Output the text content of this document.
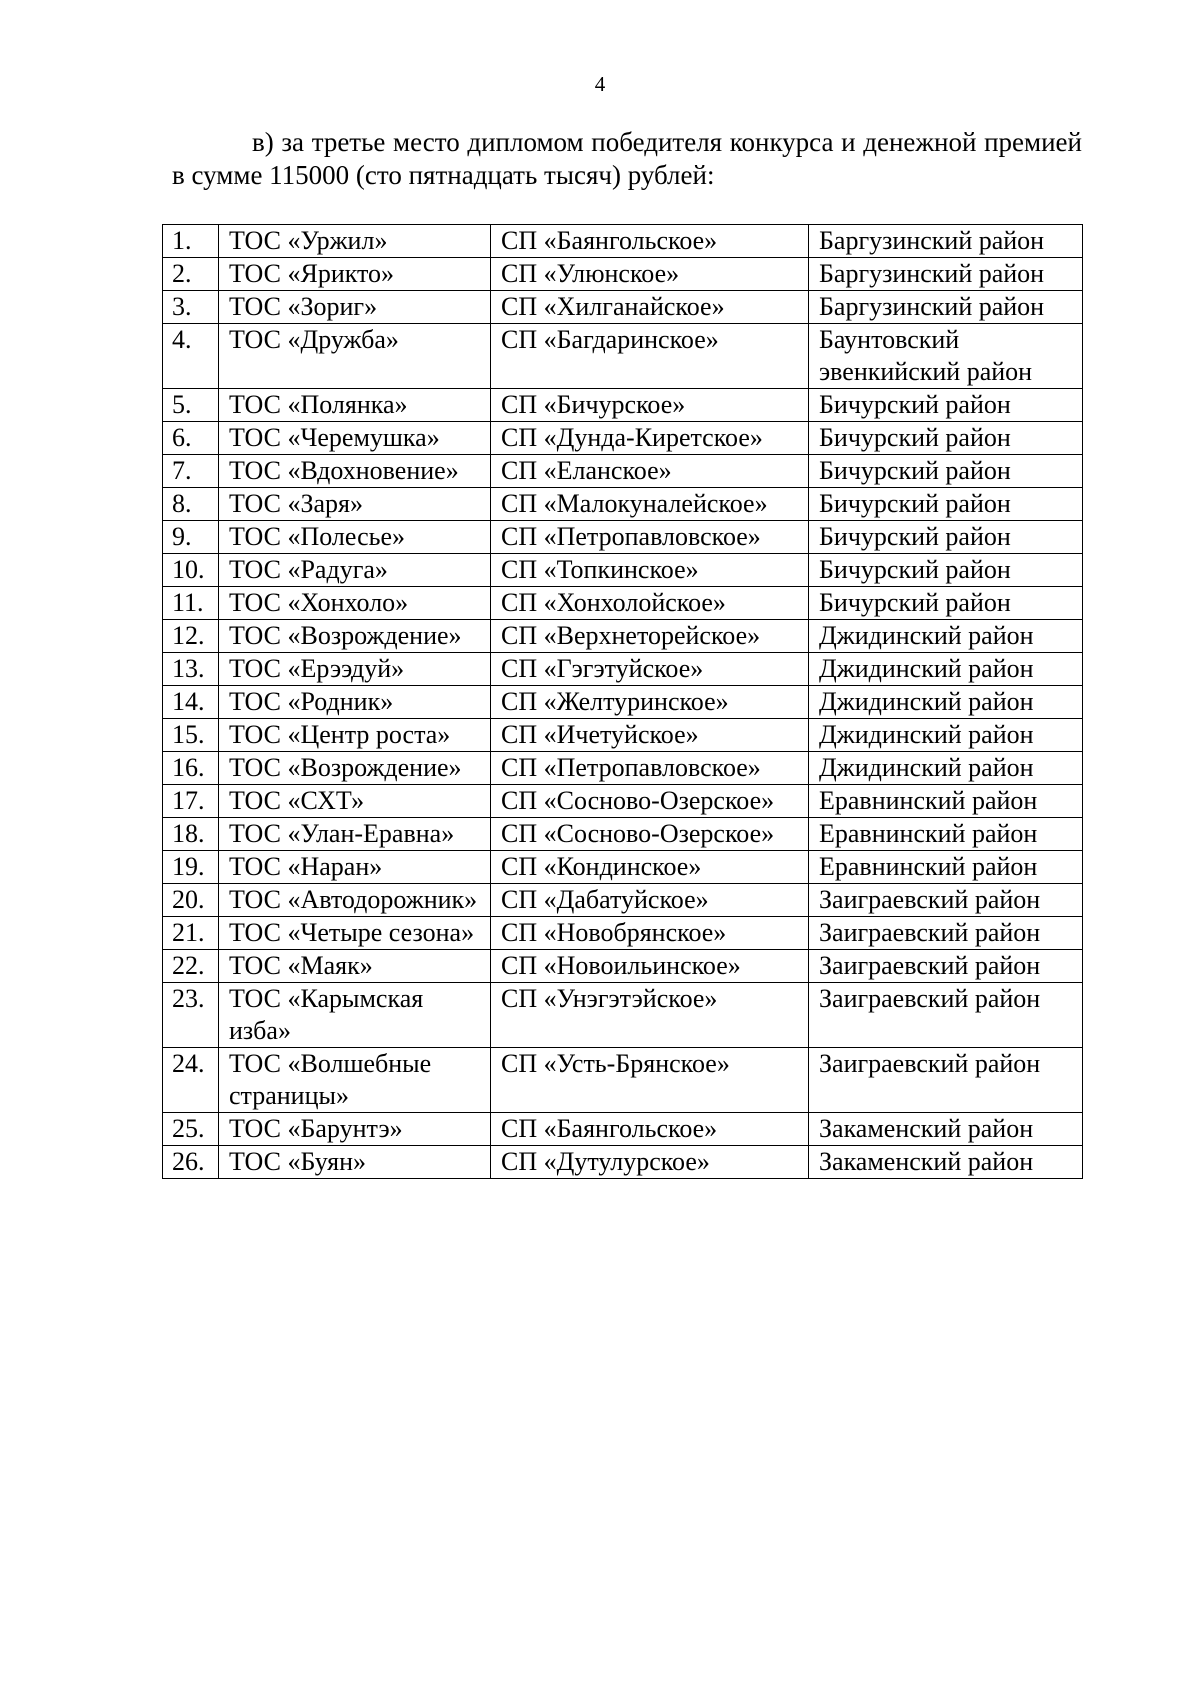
4

в) за третье место дипломом победителя конкурса и денежной премией в сумме 115000 (сто пятнадцать тысяч) рублей:

1.	ТОС «Уржил»	СП «Баянгольское»	Баргузинский район
2.	ТОС «Ярикто»	СП «Улюнское»	Баргузинский район
3.	ТОС «Зориг»	СП «Хилганайское»	Баргузинский район
4.	ТОС «Дружба»	СП «Багдаринское»	Баунтовский эвенкийский район
5.	ТОС «Полянка»	СП «Бичурское»	Бичурский район
6.	ТОС «Черемушка»	СП «Дунда-Киретское»	Бичурский район
7.	ТОС «Вдохновение»	СП «Еланское»	Бичурский район
8.	ТОС «Заря»	СП «Малокуналейское»	Бичурский район
9.	ТОС «Полесье»	СП «Петропавловское»	Бичурский район
10.	ТОС «Радуга»	СП «Топкинское»	Бичурский район
11.	ТОС «Хонхоло»	СП «Хонхолойское»	Бичурский район
12.	ТОС «Возрождение»	СП «Верхнеторейское»	Джидинский район
13.	ТОС «Ерээдуй»	СП «Гэгэтуйское»	Джидинский район
14.	ТОС «Родник»	СП «Желтуринское»	Джидинский район
15.	ТОС «Центр роста»	СП «Ичетуйское»	Джидинский район
16.	ТОС «Возрождение»	СП «Петропавловское»	Джидинский район
17.	ТОС «СХТ»	СП «Сосново-Озерское»	Еравнинский район
18.	ТОС «Улан-Еравна»	СП «Сосново-Озерское»	Еравнинский район
19.	ТОС «Наран»	СП «Кондинское»	Еравнинский район
20.	ТОС «Автодорожник»	СП «Дабатуйское»	Заиграевский район
21.	ТОС «Четыре сезона»	СП «Новобрянское»	Заиграевский район
22.	ТОС «Маяк»	СП «Новоильинское»	Заиграевский район
23.	ТОС «Карымская изба»	СП «Унэгэтэйское»	Заиграевский район
24.	ТОС «Волшебные страницы»	СП «Усть-Брянское»	Заиграевский район
25.	ТОС «Барунтэ»	СП «Баянгольское»	Закаменский район
26.	ТОС «Буян»	СП «Дутулурское»	Закаменский район
